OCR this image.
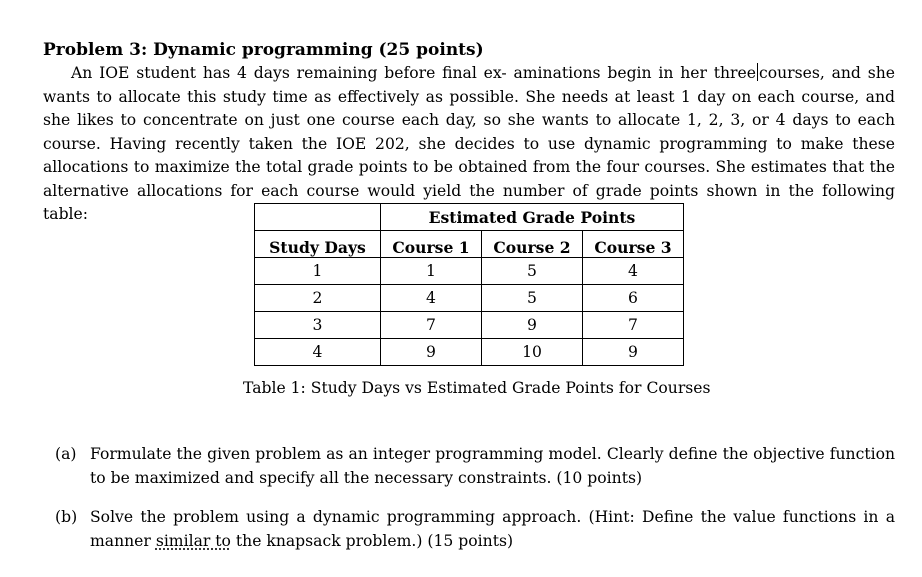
Problem 3: Dynamic programming (25 points)

An IOE student has 4 days remaining before final ex- aminations begin in her three courses, and she wants to allocate this study time as effectively as possible. She needs at least 1 day on each course, and she likes to concentrate on just one course each day, so she wants to allocate 1, 2, 3, or 4 days to each course. Having recently taken the IOE 202, she decides to use dynamic programming to make these allocations to maximize the total grade points to be obtained from the four courses. She estimates that the alternative allocations for each course would yield the number of grade points shown in the following table:

		Estimated Grade Points		
Study Days	Course 1	Course 2	Course 3
1	1	5	4
2	4	5	6
3	7	9	7
4	9	10	9
Table 1: Study Days vs Estimated Grade Points for Courses
(a) Formulate the given problem as an integer programming model. Clearly define the objective function to be maximized and specify all the necessary constraints. (10 points)
(b) Solve the problem using a dynamic programming approach. (Hint: Define the value functions in a manner similar to the knapsack problem.) (15 points)
